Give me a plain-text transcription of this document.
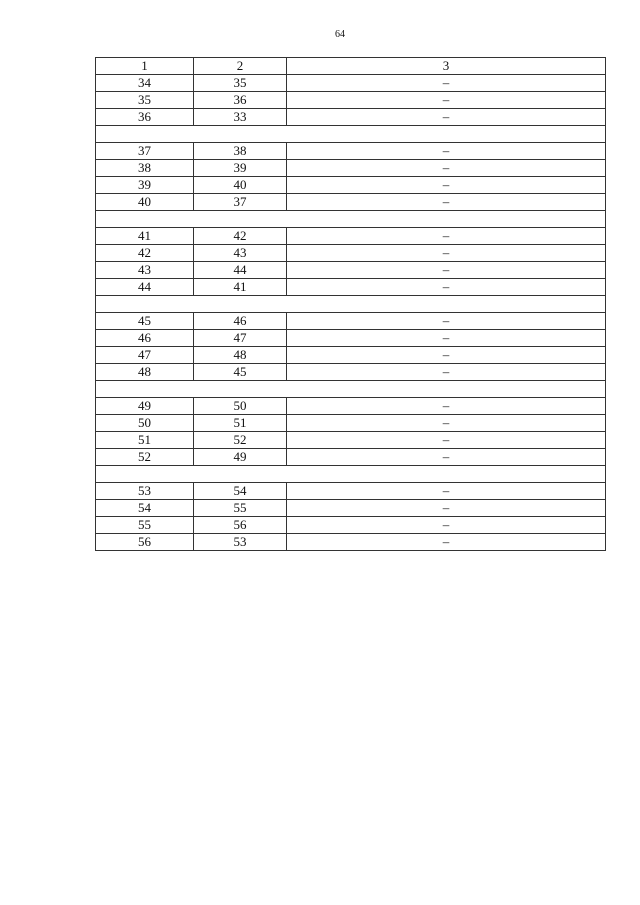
64
1	2	3
34	35	–
35	36	–
36	33	–

37	38	–
38	39	–
39	40	–
40	37	–

41	42	–
42	43	–
43	44	–
44	41	–

45	46	–
46	47	–
47	48	–
48	45	–

49	50	–
50	51	–
51	52	–
52	49	–

53	54	–
54	55	–
55	56	–
56	53	–
